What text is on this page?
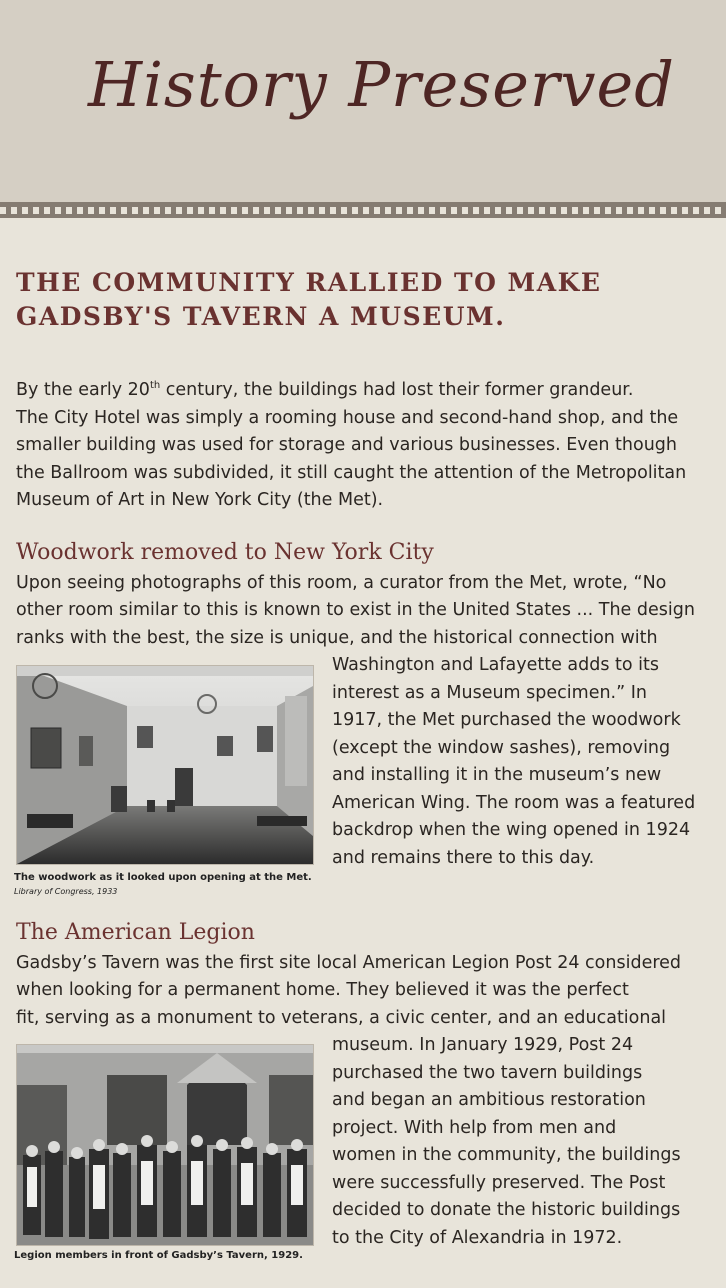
History Preserved
THE COMMUNITY RALLIED TO MAKE
GADSBY'S TAVERN A MUSEUM.
By the early 20th century, the buildings had lost their former grandeur.
The City Hotel was simply a rooming house and second-hand shop, and the
smaller building was used for storage and various businesses. Even though
the Ballroom was subdivided, it still caught the attention of the Metropolitan
Museum of Art in New York City (the Met).
Woodwork removed to New York City
Upon seeing photographs of this room, a curator from the Met, wrote, “No
other room similar to this is known to exist in the United States ... The design
ranks with the best, the size is unique, and the historical connection with
Washington and Lafayette adds to its
interest as a Museum specimen.” In
1917, the Met purchased the woodwork
(except the window sashes), removing
and installing it in the museum’s new
American Wing. The room was a featured
backdrop when the wing opened in 1924
and remains there to this day.
The woodwork as it looked upon opening at the Met.
Library of Congress, 1933
The American Legion
Gadsby’s Tavern was the first site local American Legion Post 24 considered
when looking for a permanent home. They believed it was the perfect
fit, serving as a monument to veterans, a civic center, and an educational
museum. In January 1929, Post 24
purchased the two tavern buildings
and began an ambitious restoration
project. With help from men and
women in the community, the buildings
were successfully preserved. The Post
decided to donate the historic buildings
to the City of Alexandria in 1972.
Legion members in front of Gadsby’s Tavern, 1929.
